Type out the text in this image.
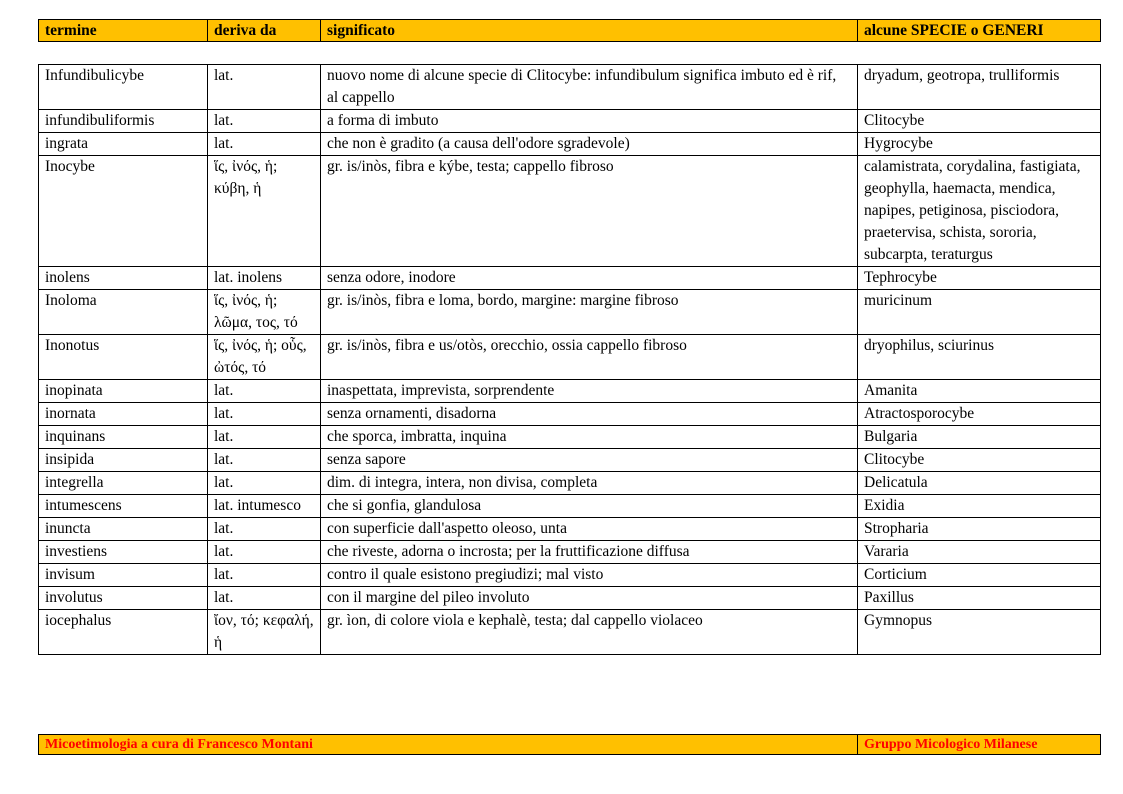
termine	deriva da	significato	alcune SPECIE o GENERI
Infundibulicybe	lat.	nuovo nome di alcune specie di Clitocybe: infundibulum significa imbuto ed è rif, al cappello	dryadum, geotropa, trulliformis
infundibuliformis	lat.	a forma di imbuto	Clitocybe
ingrata	lat.	che non è gradito (a causa dell'odore sgradevole)	Hygrocybe
Inocybe	ἵς, ἰνός, ἡ; κύβη, ἡ	gr. is/inòs, fibra e kýbe, testa; cappello fibroso	calamistrata, corydalina, fastigiata, geophylla, haemacta, mendica, napipes, petiginosa, pisciodora, praetervisa, schista, sororia, subcarpta, teraturgus
inolens	lat. inolens	senza odore, inodore	Tephrocybe
Inoloma	ἵς, ἰνός, ἡ; λῶμα, τος, τό	gr. is/inòs, fibra e loma, bordo, margine: margine fibroso	muricinum
Inonotus	ἵς, ἰνός, ἡ; οὗς, ὠτός, τό	gr. is/inòs, fibra e us/otòs, orecchio, ossia cappello fibroso	dryophilus, sciurinus
inopinata	lat.	inaspettata, imprevista, sorprendente	Amanita
inornata	lat.	senza ornamenti, disadorna	Atractosporocybe
inquinans	lat.	che sporca, imbratta, inquina	Bulgaria
insipida	lat.	senza sapore	Clitocybe
integrella	lat.	dim. di integra, intera, non divisa, completa	Delicatula
intumescens	lat. intumesco	che si gonfia, glandulosa	Exidia
inuncta	lat.	con superficie dall'aspetto oleoso, unta	Stropharia
investiens	lat.	che riveste, adorna o incrosta; per la fruttificazione diffusa	Vararia
invisum	lat.	contro il quale esistono pregiudizi; mal visto	Corticium
involutus	lat.	con il margine del pileo involuto	Paxillus
iocephalus	ἴον, τό; κεφαλή, ἡ	gr. ìon, di colore viola e kephalè, testa; dal cappello violaceo	Gymnopus
Micoetimologia a cura di Francesco Montani	Gruppo Micologico Milanese
